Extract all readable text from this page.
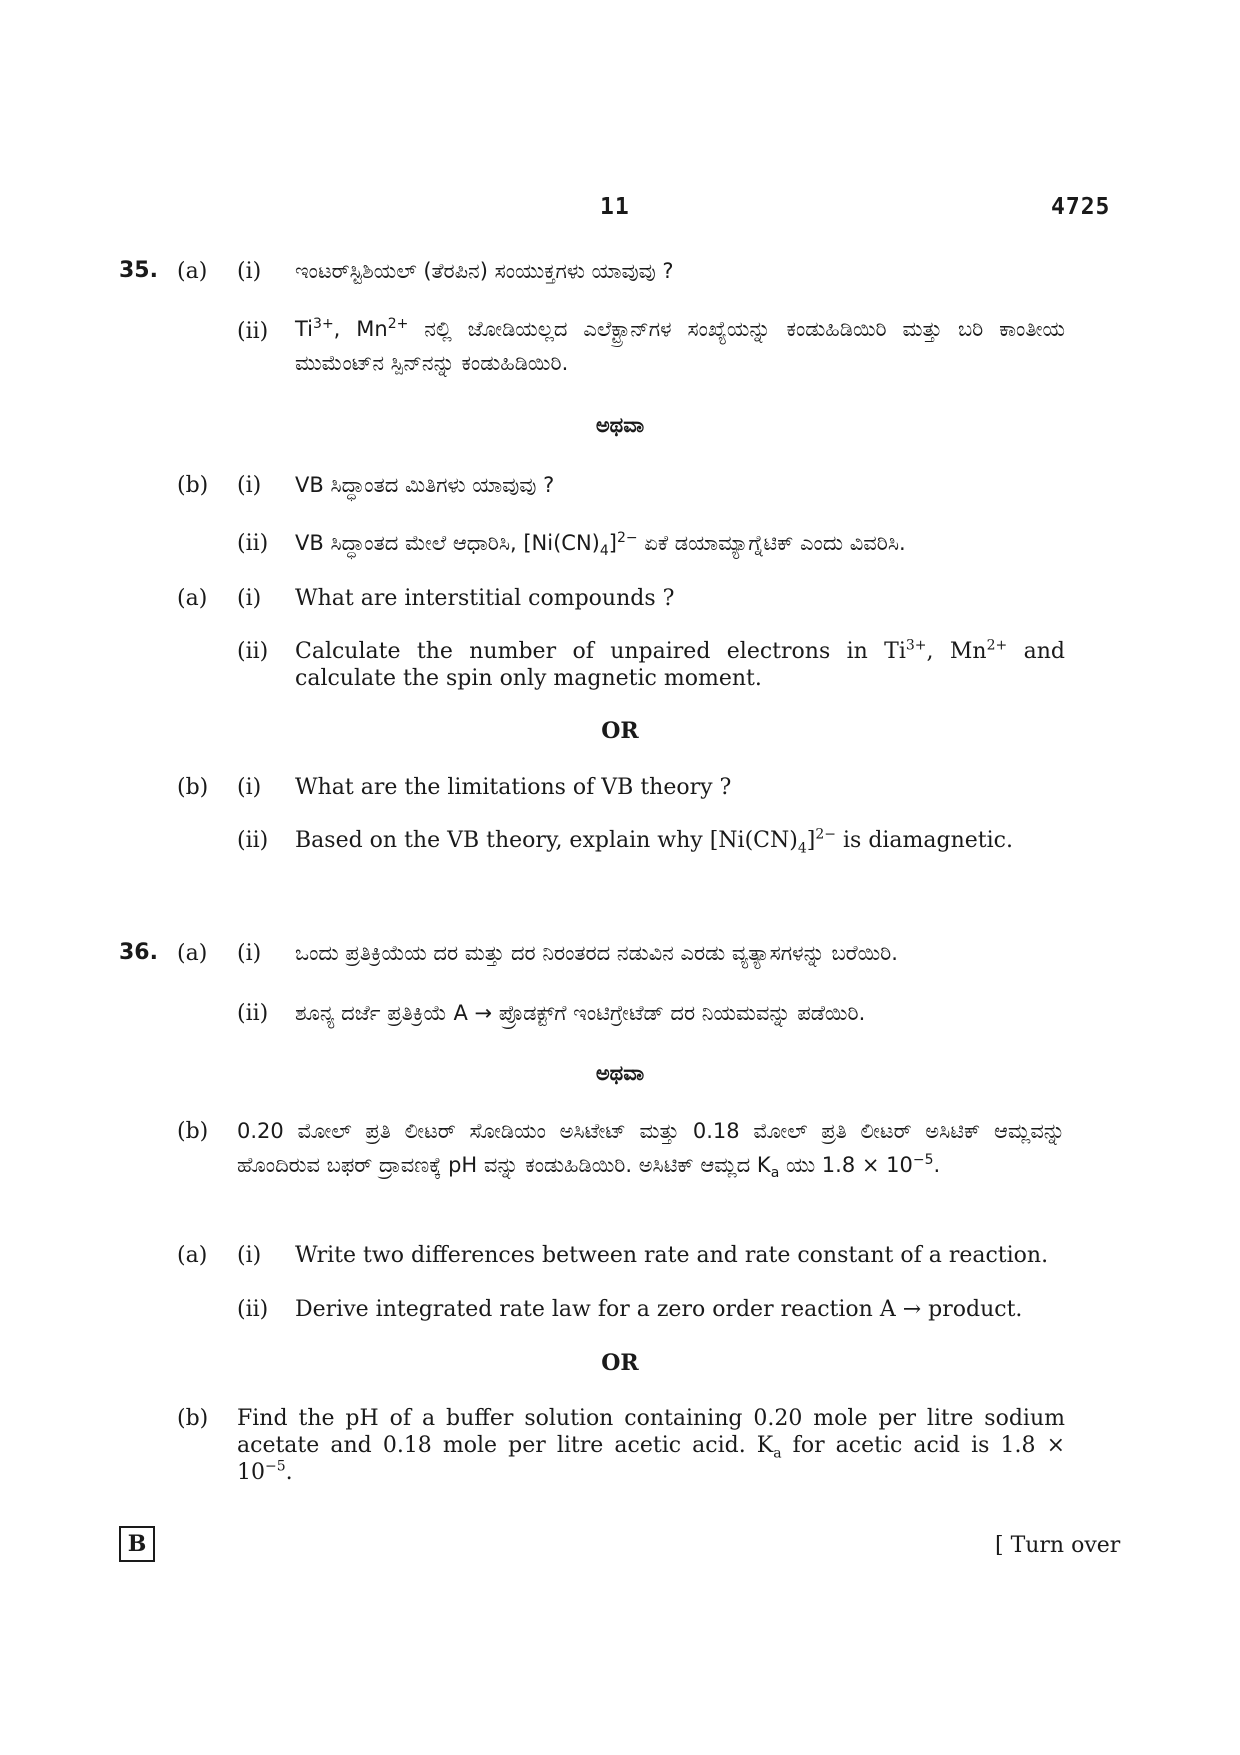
11	4725
35. (a) (i) ಇಂಟರ್‌ಸ್ಟಿಶಿಯಲ್ (ತೆರಪಿನ) ಸಂಯುಕ್ತಗಳು ಯಾವುವು ?
(ii) $Ti^{3+}$, $Mn^{2+}$ ನಲ್ಲಿ ಜೋಡಿಯಲ್ಲದ ಎಲೆಕ್ಟ್ರಾನ್‌ಗಳ ಸಂಖ್ಯೆಯನ್ನು ಕಂಡುಹಿಡಿಯಿರಿ ಮತ್ತು ಬರಿ ಕಾಂತೀಯ ಮುಮೆಂಟ್‌ನ ಸ್ಪಿನ್‌ನನ್ನು ಕಂಡುಹಿಡಿಯಿರಿ.
ಅಥವಾ
(b) (i) VB ಸಿದ್ಧಾಂತದ ಮಿತಿಗಳು ಯಾವುವು ?
(ii) VB ಸಿದ್ಧಾಂತದ ಮೇಲೆ ಆಧಾರಿಸಿ, $[Ni(CN)_4]^{2-}$ ಏಕೆ ಡಯಾಮ್ಯಾಗ್ನೆಟಿಕ್ ಎಂದು ವಿವರಿಸಿ.
(a) (i) What are interstitial compounds ?
(ii) Calculate the number of unpaired electrons in $Ti^{3+}$, $Mn^{2+}$ and calculate the spin only magnetic moment.
OR
(b) (i) What are the limitations of VB theory ?
(ii) Based on the VB theory, explain why $[Ni(CN)_4]^{2-}$ is diamagnetic.
36. (a) (i) ಒಂದು ಪ್ರತಿಕ್ರಿಯೆಯ ದರ ಮತ್ತು ದರ ನಿರಂತರದ ನಡುವಿನ ಎರಡು ವ್ಯತ್ಯಾಸಗಳನ್ನು ಬರೆಯಿರಿ.
(ii) ಶೂನ್ಯ ದರ್ಜೆ ಪ್ರತಿಕ್ರಿಯೆ A → ಪ್ರೊಡಕ್ಟ್‌ಗೆ ಇಂಟಿಗ್ರೇಟೆಡ್ ದರ ನಿಯಮವನ್ನು ಪಡೆಯಿರಿ.
ಅಥವಾ
(b) 0.20 ಮೋಲ್ ಪ್ರತಿ ಲೀಟರ್ ಸೋಡಿಯಂ ಅಸಿಟೇಟ್ ಮತ್ತು 0.18 ಮೋಲ್ ಪ್ರತಿ ಲೀಟರ್ ಅಸಿಟಿಕ್ ಆಮ್ಲವನ್ನು ಹೊಂದಿರುವ ಬಫರ್ ದ್ರಾವಣಕ್ಕೆ pH ವನ್ನು ಕಂಡುಹಿಡಿಯಿರಿ. ಅಸಿಟಿಕ್ ಆಮ್ಲದ $K_a$ ಯು $1.8 \times 10^{-5}$.
(a) (i) Write two differences between rate and rate constant of a reaction.
(ii) Derive integrated rate law for a zero order reaction A → product.
OR
(b) Find the pH of a buffer solution containing 0.20 mole per litre sodium acetate and 0.18 mole per litre acetic acid. $K_a$ for acetic acid is $1.8 \times 10^{-5}$.
B	[ Turn over
